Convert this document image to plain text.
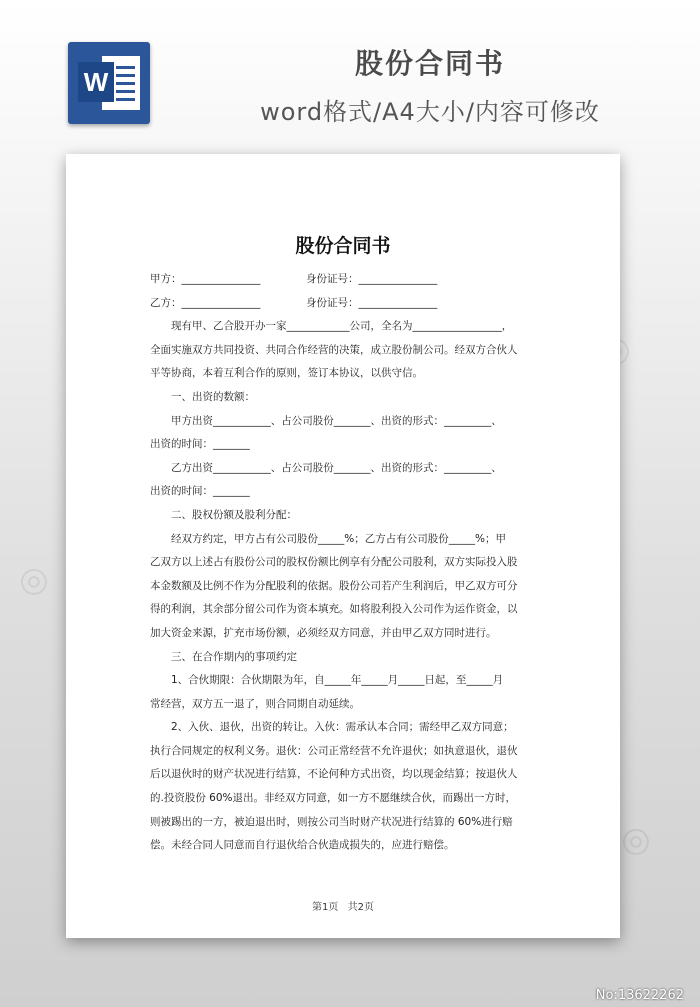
W
股份合同书
word格式/A4大小/内容可修改
◎
◎
股份合同书
甲方：_______________	身份证号：_______________
乙方：_______________	身份证号：_______________
现有甲、乙合股开办一家____________公司，全名为_________________，
全面实施双方共同投资、共同合作经营的决策，成立股份制公司。经双方合伙人
平等协商，本着互利合作的原则，签订本协议，以供守信。
一、出资的数额：
甲方出资___________、占公司股份_______、出资的形式：_________、
出资的时间：_______
乙方出资___________、占公司股份_______、出资的形式：_________、
出资的时间：_______
二、股权份额及股利分配：
经双方约定，甲方占有公司股份_____%；乙方占有公司股份_____%；甲
乙双方以上述占有股份公司的股权份额比例享有分配公司股利，双方实际投入股
本金数额及比例不作为分配股利的依据。股份公司若产生利润后，甲乙双方可分
得的利润，其余部分留公司作为资本填充。如将股利投入公司作为运作资金，以
加大资金来源，扩充市场份额，必须经双方同意，并由甲乙双方同时进行。
三、在合作期内的事项约定
1、合伙期限：合伙期限为年，自_____年_____月_____日起，至_____月
常经营，双方五一退了，则合同期自动延续。
2、入伙、退伙，出资的转让。入伙：需承认本合同；需经甲乙双方同意；
执行合同规定的权利义务。退伙：公司正常经营不允许退伙；如执意退伙，退伙
后以退伙时的财产状况进行结算，不论何种方式出资，均以现金结算；按退伙人
的.投资股份 60%退出。非经双方同意，如一方不愿继续合伙，而踢出一方时，
则被踢出的一方，被迫退出时，则按公司当时财产状况进行结算的 60%进行赔
偿。未经合同人同意而自行退伙给合伙造成损失的，应进行赔偿。
第1页 共2页
No:13622262
